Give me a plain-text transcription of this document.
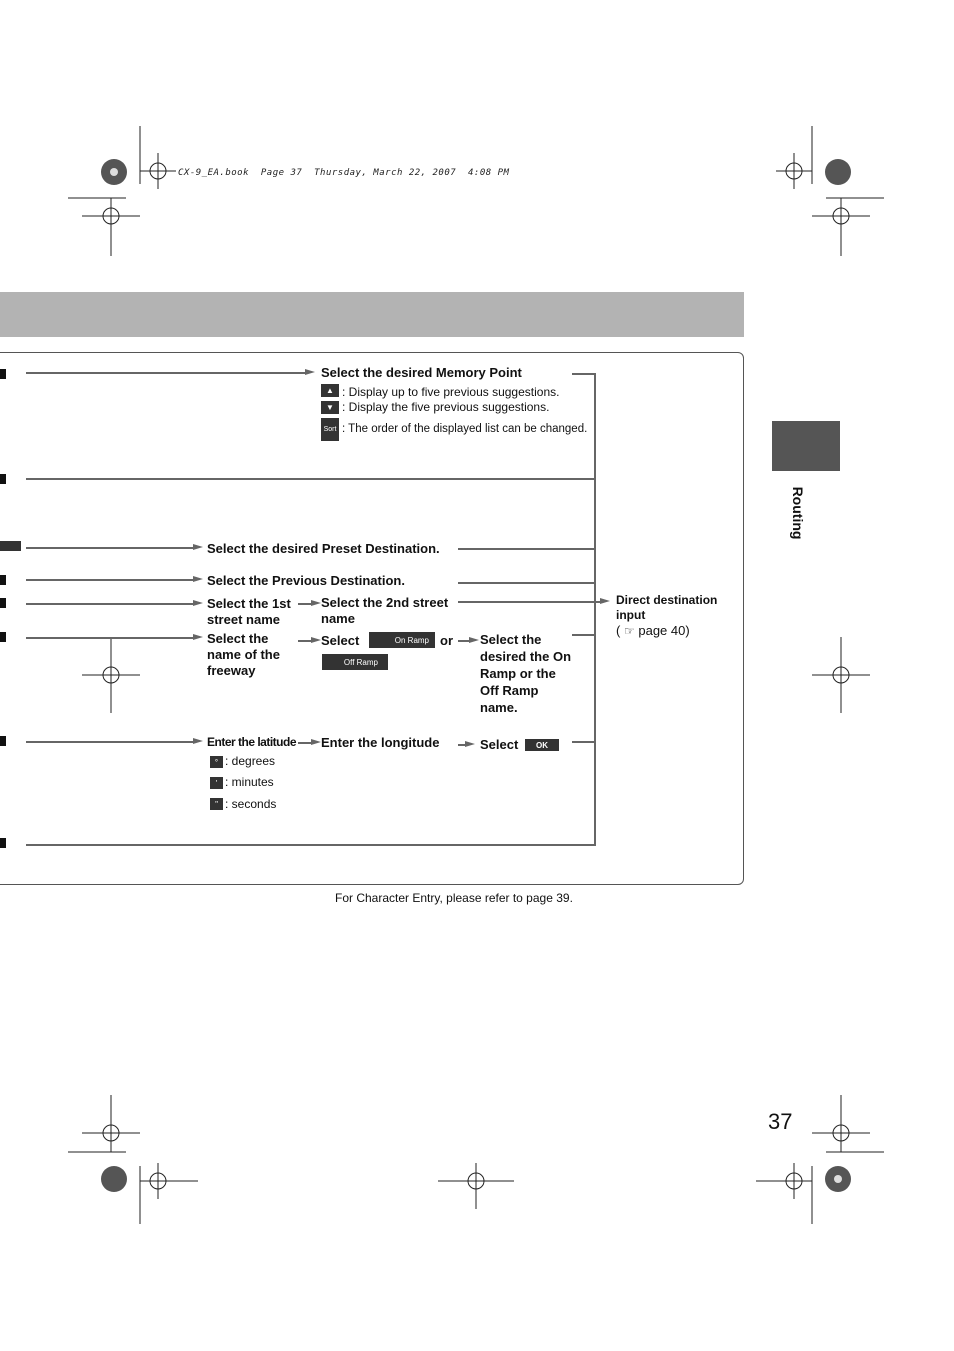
CX-9_EA.book  Page 37  Thursday, March 22, 2007  4:08 PM
Routing
Select the desired Memory Point
▲ : Display up to five previous suggestions.
▼ : Display the five previous suggestions.
Sort : The order of the displayed list can be changed.
Select the desired Preset Destination.
Select the Previous Destination.
Select the 1st street name
Select the 2nd street name
Select the name of the freeway
Select	On Ramp or
Off Ramp
Select the desired the On Ramp or the Off Ramp name.
Enter the latitude Enter the longitude	Select	OK
° : degrees
' : minutes
" : seconds
Direct destination input
( ☞ page 40)
For Character Entry, please refer to page 39.
37
